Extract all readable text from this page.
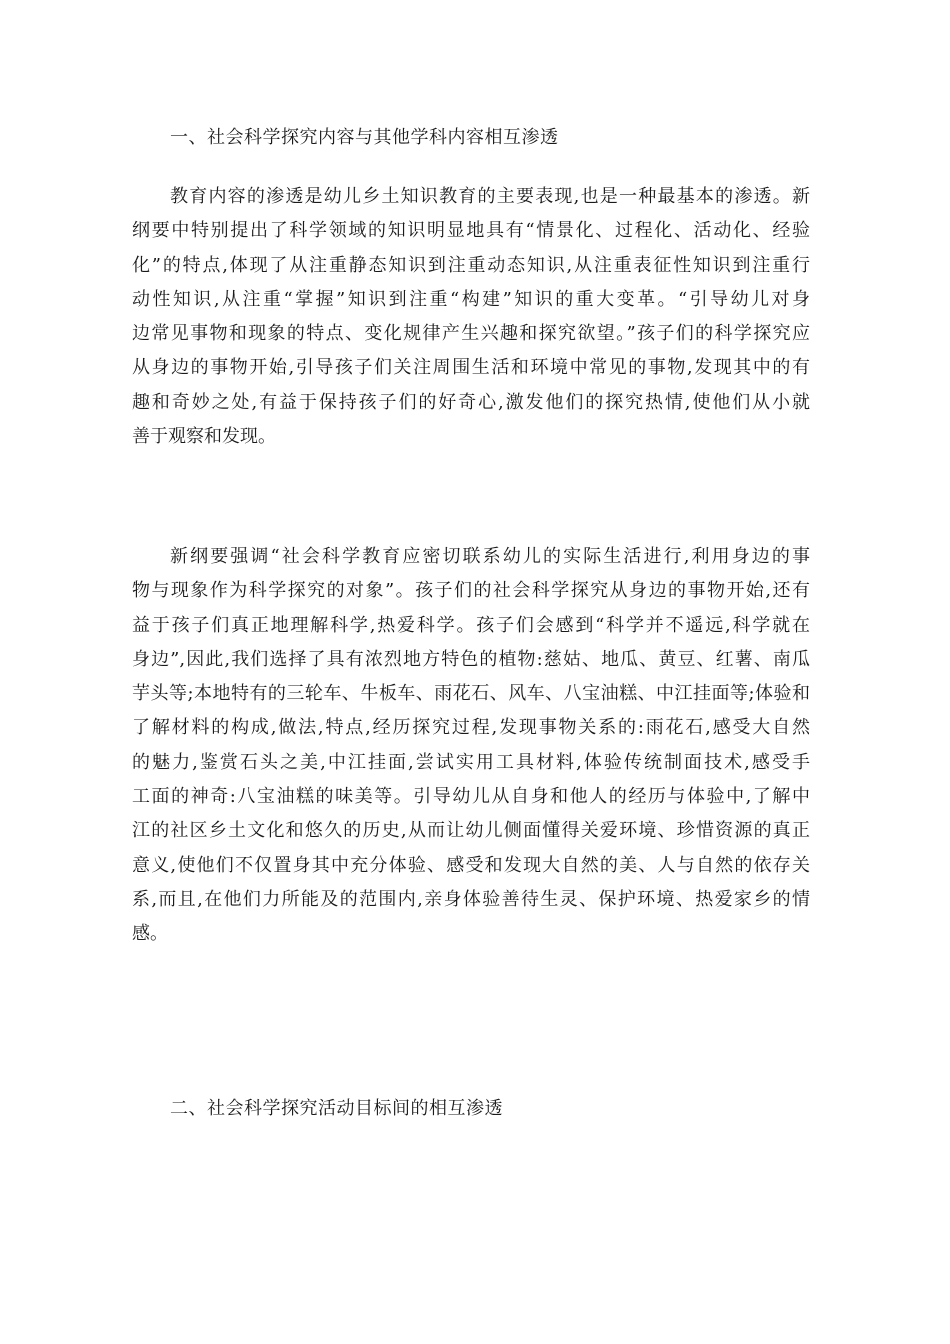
一、社会科学探究内容与其他学科内容相互渗透
教育内容的渗透是幼儿乡土知识教育的主要表现,也是一种最基本的渗透。新
纲要中特别提出了科学领域的知识明显地具有“情景化、过程化、活动化、经验
化”的特点,体现了从注重静态知识到注重动态知识,从注重表征性知识到注重行
动性知识,从注重“掌握”知识到注重“构建”知识的重大变革。“引导幼儿对身
边常见事物和现象的特点、变化规律产生兴趣和探究欲望。”孩子们的科学探究应
从身边的事物开始,引导孩子们关注周围生活和环境中常见的事物,发现其中的有
趣和奇妙之处,有益于保持孩子们的好奇心,激发他们的探究热情,使他们从小就
善于观察和发现。
新纲要强调“社会科学教育应密切联系幼儿的实际生活进行,利用身边的事
物与现象作为科学探究的对象”。孩子们的社会科学探究从身边的事物开始,还有
益于孩子们真正地理解科学,热爱科学。孩子们会感到“科学并不遥远,科学就在
身边”,因此,我们选择了具有浓烈地方特色的植物:慈姑、地瓜、黄豆、红薯、南瓜
芋头等;本地特有的三轮车、牛板车、雨花石、风车、八宝油糕、中江挂面等;体验和
了解材料的构成,做法,特点,经历探究过程,发现事物关系的:雨花石,感受大自然
的魅力,鉴赏石头之美,中江挂面,尝试实用工具材料,体验传统制面技术,感受手
工面的神奇:八宝油糕的味美等。引导幼儿从自身和他人的经历与体验中,了解中
江的社区乡土文化和悠久的历史,从而让幼儿侧面懂得关爱环境、珍惜资源的真正
意义,使他们不仅置身其中充分体验、感受和发现大自然的美、人与自然的依存关
系,而且,在他们力所能及的范围内,亲身体验善待生灵、保护环境、热爱家乡的情
感。
二、社会科学探究活动目标间的相互渗透
